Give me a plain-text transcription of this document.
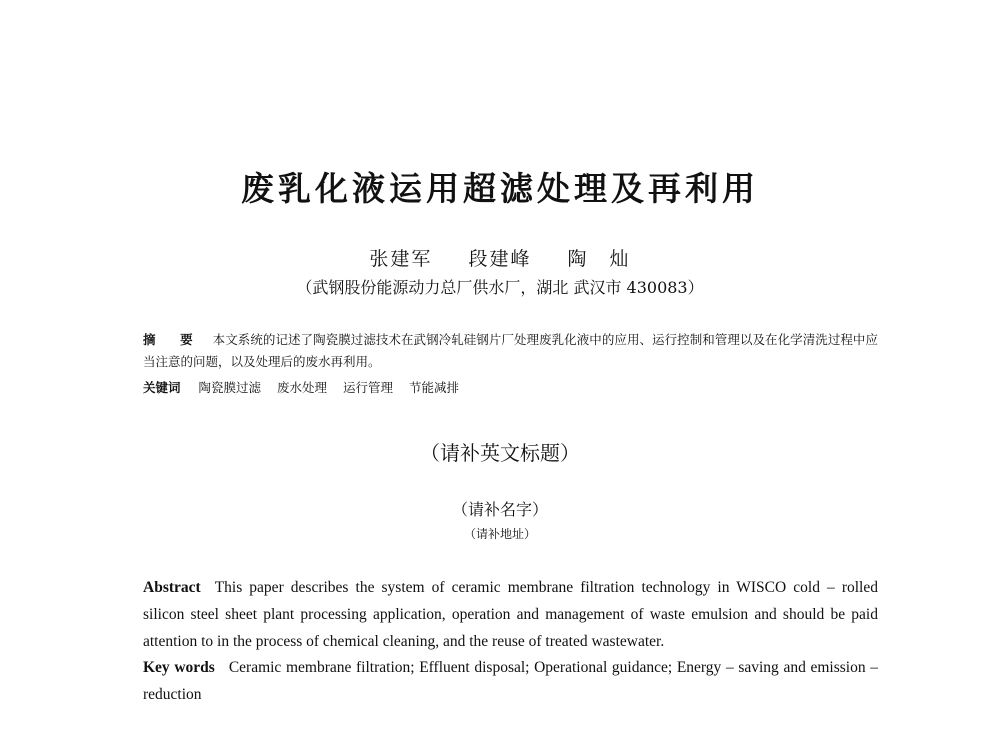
废乳化液运用超滤处理及再利用
张建军 段建峰 陶　灿
（武钢股份能源动力总厂供水厂，湖北 武汉市 430083）
摘　要 本文系统的记述了陶瓷膜过滤技术在武钢冷轧硅钢片厂处理废乳化液中的应用、运行控制和管理以及在化学清洗过程中应当注意的问题，以及处理后的废水再利用。
关键词 陶瓷膜过滤 废水处理 运行管理 节能减排
（请补英文标题）
（请补名字）
（请补地址）
Abstract This paper describes the system of ceramic membrane filtration technology in WISCO cold – rolled silicon steel sheet plant processing application, operation and management of waste emulsion and should be paid attention to in the process of chemical cleaning, and the reuse of treated wastewater.
Key words Ceramic membrane filtration; Effluent disposal; Operational guidance; Energy – saving and emission – reduction
